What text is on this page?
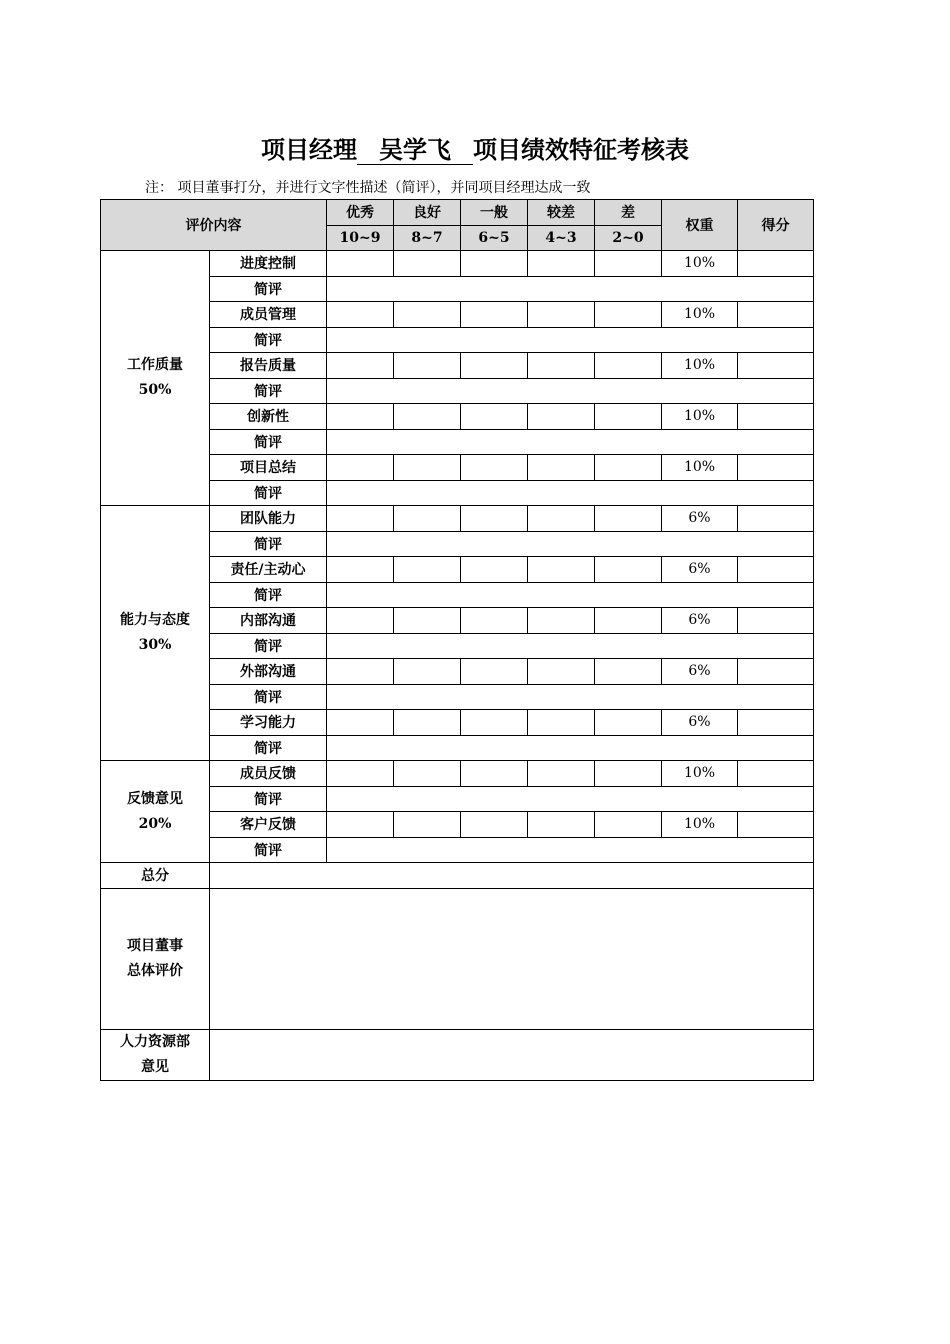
项目经理 吴学飞 项目绩效特征考核表
注： 项目董事打分，并进行文字性描述（简评），并同项目经理达成一致
评价内容		优秀	良好	一般	较差	差	权重	得分
		10~9	8~7	6~5	4~3	2~0		

工作质量
50%	进度控制						10%	

	简评							

	成员管理						10%	

	简评							

	报告质量						10%	

	简评							

	创新性						10%	

	简评							

	项目总结						10%	

	简评							

能力与态度
30%	团队能力						6%	

	简评							

	责任/主动心						6%	

	简评							

	内部沟通						6%	

	简评							

	外部沟通						6%	

	简评							

	学习能力						6%	

	简评							

反馈意见
20%	成员反馈						10%	

	简评							

	客户反馈						10%	

	简评							

总分								

项目董事
总体评价								

人力资源部
意见								
